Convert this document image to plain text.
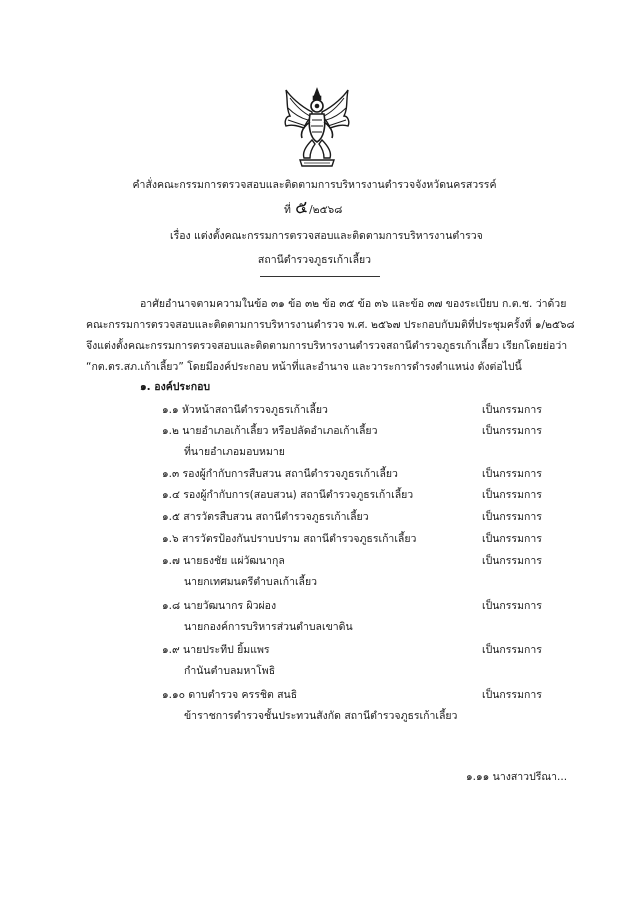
คำสั่งคณะกรรมการตรวจสอบและติดตามการบริหารงานตำรวจจังหวัดนครสวรรค์
ที่ ๕/๒๕๖๘
เรื่อง แต่งตั้งคณะกรรมการตรวจสอบและติดตามการบริหารงานตำรวจ
สถานีตำรวจภูธรเก้าเลี้ยว
อาศัยอำนาจตามความในข้อ ๓๑ ข้อ ๓๒ ข้อ ๓๕ ข้อ ๓๖ และข้อ ๓๗ ของระเบียบ ก.ต.ช. ว่าด้วย
คณะกรรมการตรวจสอบและติดตามการบริหารงานตำรวจ พ.ศ. ๒๕๖๗ ประกอบกับมติที่ประชุมครั้งที่ ๑/๒๕๖๘
จึงแต่งตั้งคณะกรรมการตรวจสอบและติดตามการบริหารงานตำรวจสถานีตำรวจภูธรเก้าเลี้ยว เรียกโดยย่อว่า
“กต.ตร.สภ.เก้าเลี้ยว” โดยมีองค์ประกอบ หน้าที่และอำนาจ และวาระการดำรงตำแหน่ง ดังต่อไปนี้
๑. องค์ประกอบ
๑.๑ หัวหน้าสถานีตำรวจภูธรเก้าเลี้ยว	เป็นกรรมการ
๑.๒ นายอำเภอเก้าเลี้ยว หรือปลัดอำเภอเก้าเลี้ยว	เป็นกรรมการ
ที่นายอำเภอมอบหมาย
๑.๓ รองผู้กำกับการสืบสวน สถานีตำรวจภูธรเก้าเลี้ยว	เป็นกรรมการ
๑.๔ รองผู้กำกับการ(สอบสวน) สถานีตำรวจภูธรเก้าเลี้ยว	เป็นกรรมการ
๑.๕ สารวัตรสืบสวน สถานีตำรวจภูธรเก้าเลี้ยว	เป็นกรรมการ
๑.๖ สารวัตรป้องกันปราบปราม สถานีตำรวจภูธรเก้าเลี้ยว	เป็นกรรมการ
๑.๗ นายธงชัย แผ่วัฒนากุล	เป็นกรรมการ
นายกเทศมนตรีตำบลเก้าเลี้ยว
๑.๘ นายวัฒนากร ผิวผ่อง	เป็นกรรมการ
นายกองค์การบริหารส่วนตำบลเขาดิน
๑.๙ นายประทีป ยิ้มแพร	เป็นกรรมการ
กำนันตำบลมหาโพธิ
๑.๑๐ ดาบตำรวจ ครรชิต สนธิ	เป็นกรรมการ
ข้าราชการตำรวจชั้นประทวนสังกัด สถานีตำรวจภูธรเก้าเลี้ยว
๑.๑๑ นางสาวปรีณา...
